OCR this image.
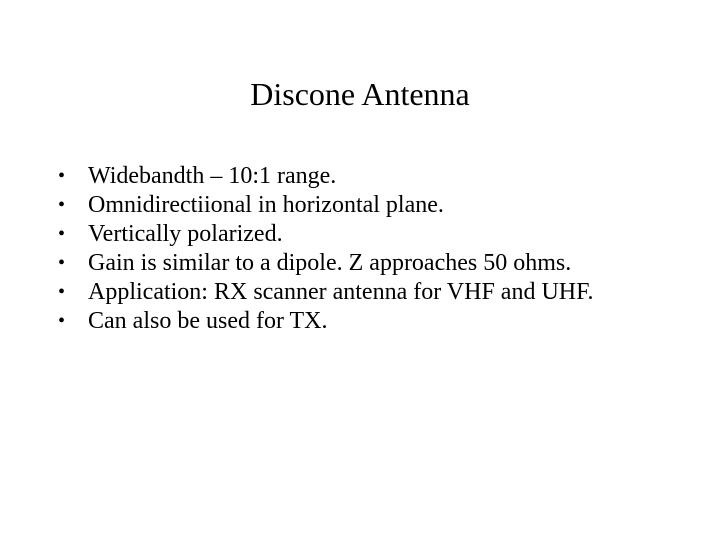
Discone Antenna
• Widebandth – 10:1 range.
• Omnidirectiional in horizontal plane.
• Vertically polarized.
• Gain is similar to a dipole. Z approaches 50 ohms.
• Application: RX scanner antenna for VHF and UHF.
• Can also be used for TX.
